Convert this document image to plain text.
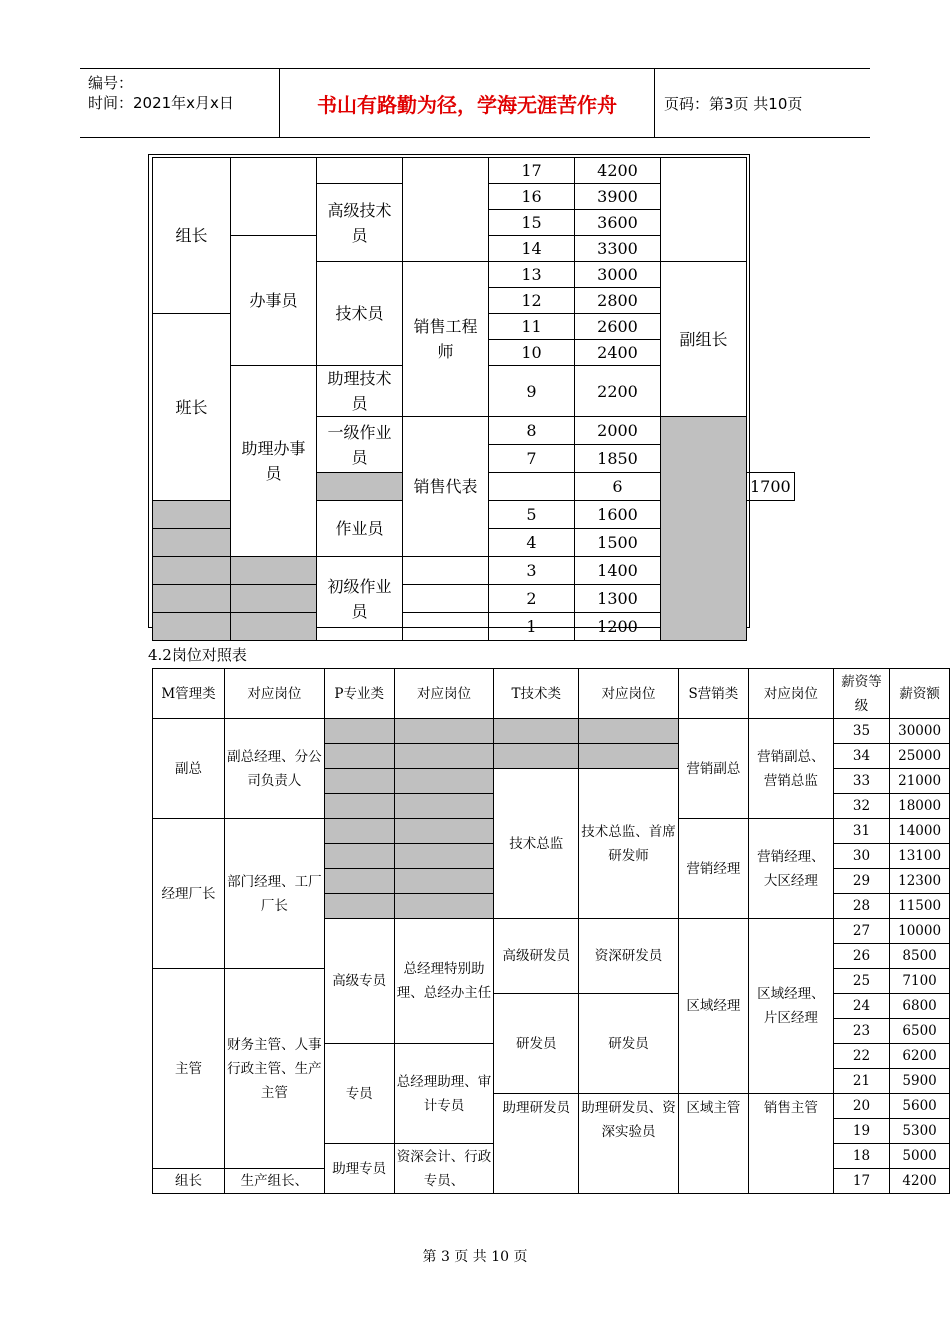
编号：
时间：2021年x月x日	书山有路勤为径，学海无涯苦作舟	页码：第3页 共10页
组长				17	4200		
		高级技术员		16	3900		
				15	3600		
	办事员			14	3300		
		技术员	销售工程师	13	3000	副组长	
				12	2800		
班长				11	2600		
				10	2400		
	助理办事员	助理技术员		9	2200		
		一级作业员	销售代表	8	2000		
				7	1850		
					6		1700
		作业员		5	1600		
				4	1500		
		初级作业员		3	1400		
				2	1300		
				1	1200		
4.2岗位对照表
M管理类	对应岗位	P专业类	对应岗位	T技术类	对应岗位	S营销类	对应岗位	薪资等级	薪资额
副总	副总经理、分公司负责人					营销副总	营销副总、营销总监	35	30000
								34	25000
				技术总监	技术总监、首席研发师			33	21000
								32	18000
经理厂长	部门经理、工厂厂长					营销经理	营销经理、大区经理	31	14000
								30	13100
								29	12300
								28	11500
		高级专员	总经理特别助理、总经办主任	高级研发员	资深研发员	区域经理	区域经理、片区经理	27	10000
								26	8500
主管	财务主管、人事行政主管、生产主管							25	7100
				研发员	研发员			24	6800
								23	6500
		专员	总经理助理、审计专员					22	6200
								21	5900
				助理研发员	助理研发员、资深实验员	区域主管	销售主管	20	5600
								19	5300
		助理专员	资深会计、行政专员、					18	5000
组长	生产组长、							17	4200
第 3 页 共 10 页
